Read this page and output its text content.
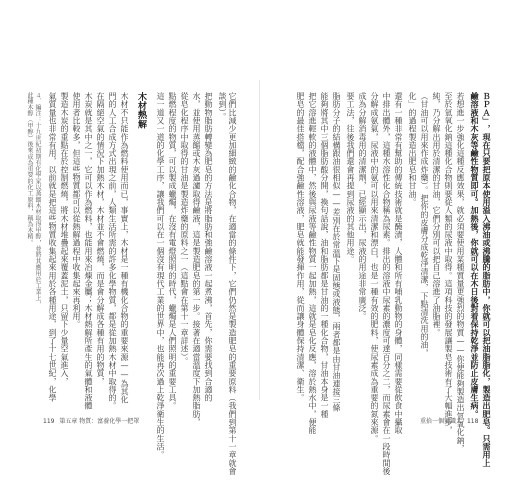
它們比減少更加細緻的鹼化合物，在適當的條件下，它們仍然是製造肥皂的重要原料（我們到第十一章就會
談到）。
把動物脂肪轉變為肥皂的方法是將脂肪和強鹼溶液一起煮沸，首先，你需要找到合適的
水，並使用蒸餾或木灰過濾取得鹼液，這是製造肥皂的第一步。接著在適當溫度下加熱脂肪，
從皂化程序中取得的甘油是製造炸藥的原料之一（這點會在第十一章詳述）。
點燃程度的物質，可以製成蠟燭，在沒有電燈照明的時代，蠟燭是人們照明的重要工具。
這一道又一道的化學工序，讓我們可以在一個沒有現代工業的世界中，也能再次過上乾淨衛生的生活。
木材熱解
木材不只能作為燃料使用而已，事實上，木材是一種有機化合物的重要來源——為其化
門的人工合成方式出現之前，人類生活所需的許多化學物質，都是從加熱木材中取得的。
在隔絕空氣的情況下加熱木材，木材並不會燃燒，而是會分解成各種有用的物質，
木炭就是其中之一，它可以作為燃料，也能用來冶煉金屬；木材熱解所產生的氣體和液體
使用者比較多，但這些物質都可以從熱解過程中收集起來再利用。
製造木炭的重點在於控制燃燒，將木材堆疊起來覆蓋泥土，只留下少量空氣進入，
氣質量也非常有用，以前就是把這些物質收集起來用於各種用途，到了十七世紀，化學
４．編注：十九世紀初期有化學家以蒸餾木材取得甲醇，並將其應用於工業上，
此種木醇（甲醇）後來成為重要的化工原料，稱為木精。
119 第五章 物質：富養化學一把罩	ＢＰＡ」，現在只要把原本使用溢入沸油或沸騰的脂肪中，你就可以把油脂脂化，製造出肥皂。只需用上
鹼溶液和木灰等鹼性物質即可。加熱後，你就可以在木日後對着保持乾淨並防止皮膚生病。
若想進一步強化這種反應效果，就必須要使用某種質量更強烈的物質——你便能夠製造出氫氧化鈉，
至於氫氧化鈉這種化合物則要從人類的尿液中取得。這項科技的發展讓製皂技術有了大幅進步，
純，乃分解出用於清潔的甘油，它們分別可以把自己溶進了油脂裡。
（甘油可以用來作成炸藥）。把你的皮膚分成乾淨清潔，下點清洗用的油，
化」的過程製造出肥皂和甘油。
還有一種非常有幫助的傳統技術就是醃漬，人體和所有哺乳動物的身體，同樣需要從飲食中攝取
中排出體外，這種水溶性化合物稱為尿素。排出的溶液中尿素的濃度可達百分之二，而尿素會在一段時間後
分解成氨氣，尿液中的氨可以用來清潔和漂白，也是一種有效的肥料，使尿素成為重要的氮來源。
成為分解消毒用的清潔劑，已經顯示出，尿液的用途非常廣泛。
要工法，往後我們還會再提到尿液的其他用途。
脂肪分子的結構跟油很相似——差別在於常溫下是固態或液態，兩者都是由甘油連接三條
能夠將其中三個脂肪酸分開，換句話說，油和脂肪都是甘油的一種化合物，甘油本身是一種
把它溶進輕軟的液體中，然後與尿液等鹼性物質一起加熱，這就是皂化反應，溶於熱水中，便能
肥皂的最佳搭檔，配合強鹼性溶液，肥皂就能發揮作用，從而讓身體保持清潔、衛生。
重拾一個知識人 118
